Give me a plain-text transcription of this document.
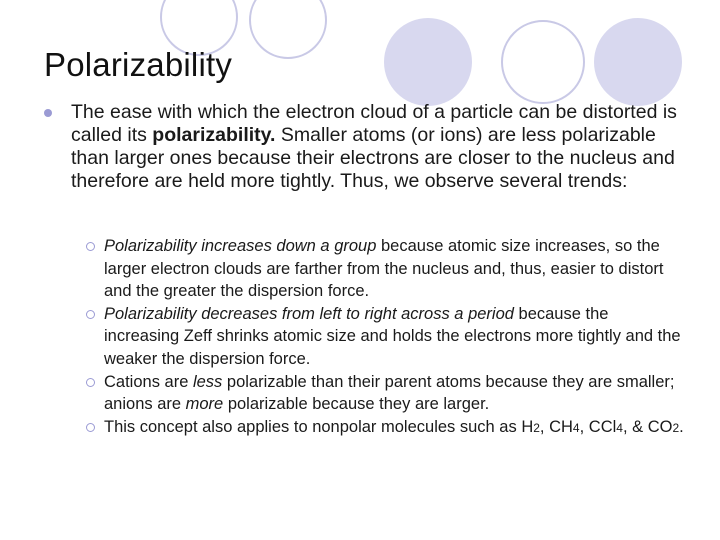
Polarizability
The ease with which the electron cloud of a particle can be distorted is called its polarizability. Smaller atoms (or ions) are less polarizable than larger ones because their electrons are closer to the nucleus and therefore are held more tightly. Thus, we observe several trends:
Polarizability increases down a group because atomic size increases, so the larger electron clouds are farther from the nucleus and, thus, easier to distort and the greater the dispersion force.
Polarizability decreases from left to right across a period because the increasing Zeff shrinks atomic size and holds the electrons more tightly and the weaker the dispersion force.
Cations are less polarizable than their parent atoms because they are smaller; anions are more polarizable because they are larger.
This concept also applies to nonpolar molecules such as H2, CH4, CCl4, & CO2.
